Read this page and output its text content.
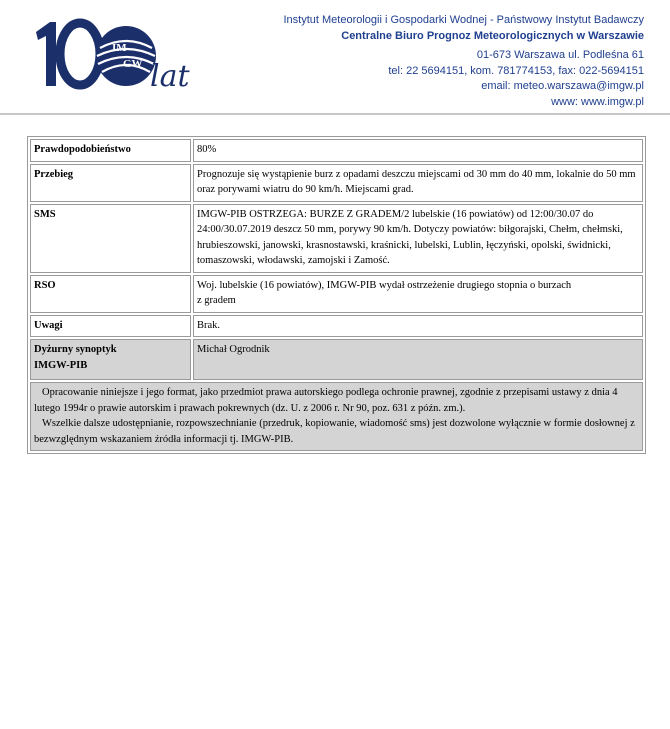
IM
GW lat
Instytut Meteorologii i Gospodarki Wodnej - Państwowy Instytut Badawczy
Centralne Biuro Prognoz Meteorologicznych w Warszawie
01-673 Warszawa ul. Podleśna 61
tel: 22 5694151, kom. 781774153, fax: 022-5694151
email: meteo.warszawa@imgw.pl
www: www.imgw.pl
Prawdopodobieństwo	80%
Przebieg	Prognozuje się wystąpienie burz z opadami deszczu miejscami od 30 mm do 40 mm, lokalnie do 50 mm oraz porywami wiatru do 90 km/h. Miejscami grad.
SMS	IMGW-PIB OSTRZEGA: BURZE Z GRADEM/2 lubelskie (16 powiatów) od 12:00/30.07 do 24:00/30.07.2019 deszcz 50 mm, porywy 90 km/h. Dotyczy powiatów: biłgorajski, Chełm, chełmski, hrubieszowski, janowski, krasnostawski, kraśnicki, lubelski, Lublin, łęczyński, opolski, świdnicki, tomaszowski, włodawski, zamojski i Zamość.
RSO	Woj. lubelskie (16 powiatów), IMGW-PIB wydał ostrzeżenie drugiego stopnia o burzach
z gradem

Uwagi	Brak.

Dyżurny synoptyk
IMGW-PIB	Michał Ogrodnik

Opracowanie niniejsze i jego format, jako przedmiot prawa autorskiego podlega ochronie prawnej, zgodnie z przepisami ustawy z dnia 4 lutego 1994r o prawie autorskim i prawach pokrewnych (dz. U. z 2006 r. Nr 90, poz. 631 z późn. zm.).

Wszelkie dalsze udostępnianie, rozpowszechnianie (przedruk, kopiowanie, wiadomość sms) jest dozwolone wyłącznie w formie dosłownej z bezwzględnym wskazaniem źródła informacji tj. IMGW-PIB.	
